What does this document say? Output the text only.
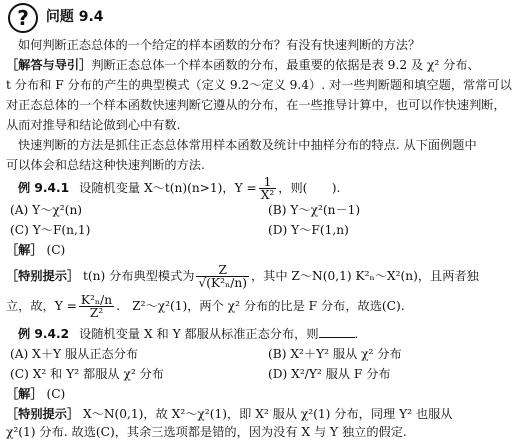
? 问题 9.4
如何判断正态总体的一个给定的样本函数的分布？有没有快速判断的方法？
［解答与导引］判断正态总体一个样本函数的分布，最重要的依据是表 9.2 及 χ² 分布、
t 分布和 F 分布的产生的典型模式（定义 9.2～定义 9.4）. 对一些判断题和填空题，常常可以
对正态总体的一个样本函数快速判断它遵从的分布，在一些推导计算中，也可以作快速判断，
从而对推导和结论做到心中有数.
快速判断的方法是抓住正态总体常用样本函数及统计中抽样分布的特点. 从下面例题中
可以体会和总结这种快速判断的方法.
例 9.4.1 设随机变量 X～t(n)(n>1)，$Y = \frac{1}{\text{X²}}$ ，则(　　).
(A) Y～χ²(n)	(B) Y～χ²(n－1)
(C) Y～F(n,1)	(D) Y～F(1,n)
［解］ (C)
［特别提示］ t(n) 分布典型模式为 $\frac{Z}{\text{√(K²ₙ/n)}}$ ，其中 Z～N(0,1) K²ₙ～X²(n)，且两者独
立，故，$Y = \frac{\text{K²ₙ/n}}{\text{Z²}}$ .　Z²～χ²(1)，两个 χ² 分布的比是 F 分布，故选(C).
例 9.4.2 设随机变量 X 和 Y 都服从标准正态分布，则	.
(A) X＋Y 服从正态分布	(B) X²＋Y² 服从 χ² 分布
(C) X² 和 Y² 都服从 χ² 分布	(D) X²/Y² 服从 F 分布
［解］ (C)
［特别提示］ X～N(0,1)，故 X²～χ²(1)，即 X² 服从 χ²(1) 分布，同理 Y² 也服从
χ²(1) 分布. 故选(C)，其余三选项都是错的，因为没有 X 与 Y 独立的假定.
